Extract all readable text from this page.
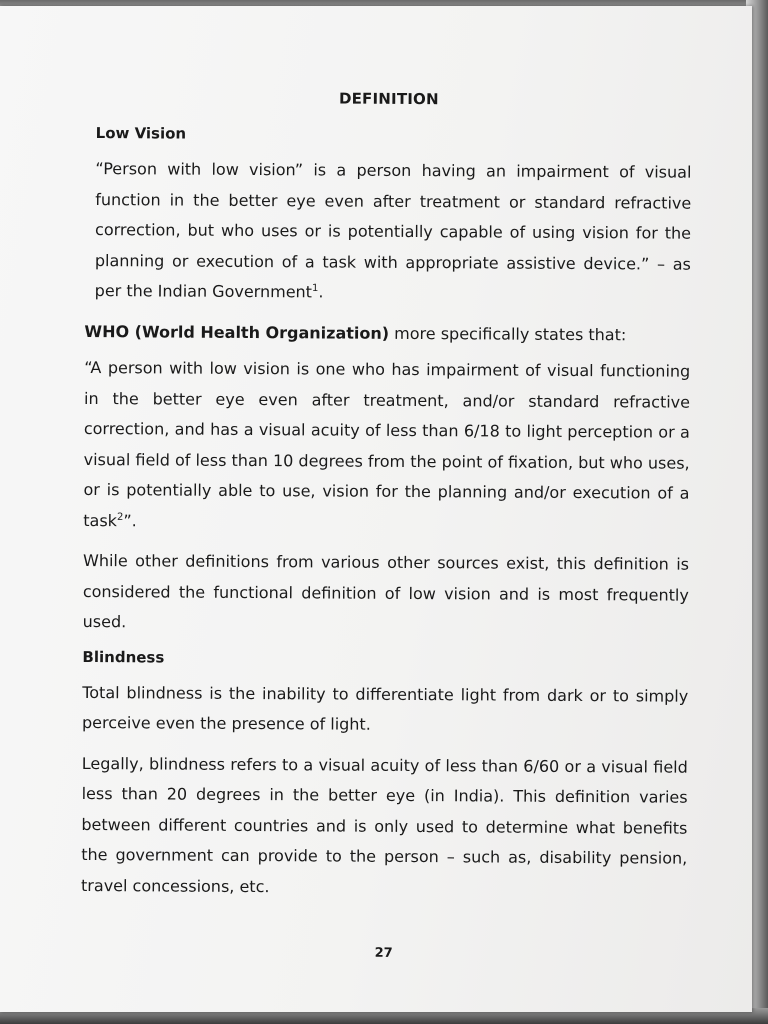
DEFINITION
Low Vision

“Person with low vision” is a person having an impairment of visual function in the better eye even after treatment or standard refractive correction, but who uses or is potentially capable of using vision for the planning or execution of a task with appropriate assistive device.” – as per the Indian Government$^1$.

WHO (World Health Organization) more specifically states that:

“A person with low vision is one who has impairment of visual functioning in the better eye even after treatment, and/or standard refractive correction, and has a visual acuity of less than 6/18 to light perception or a visual field of less than 10 degrees from the point of fixation, but who uses, or is potentially able to use, vision for the planning and/or execution of a task$^2$”.

While other definitions from various other sources exist, this definition is considered the functional definition of low vision and is most frequently used.

Blindness

Total blindness is the inability to differentiate light from dark or to simply perceive even the presence of light.

Legally, blindness refers to a visual acuity of less than 6/60 or a visual field less than 20 degrees in the better eye (in India). This definition varies between different countries and is only used to determine what benefits the government can provide to the person – such as, disability pension, travel concessions, etc.

27
